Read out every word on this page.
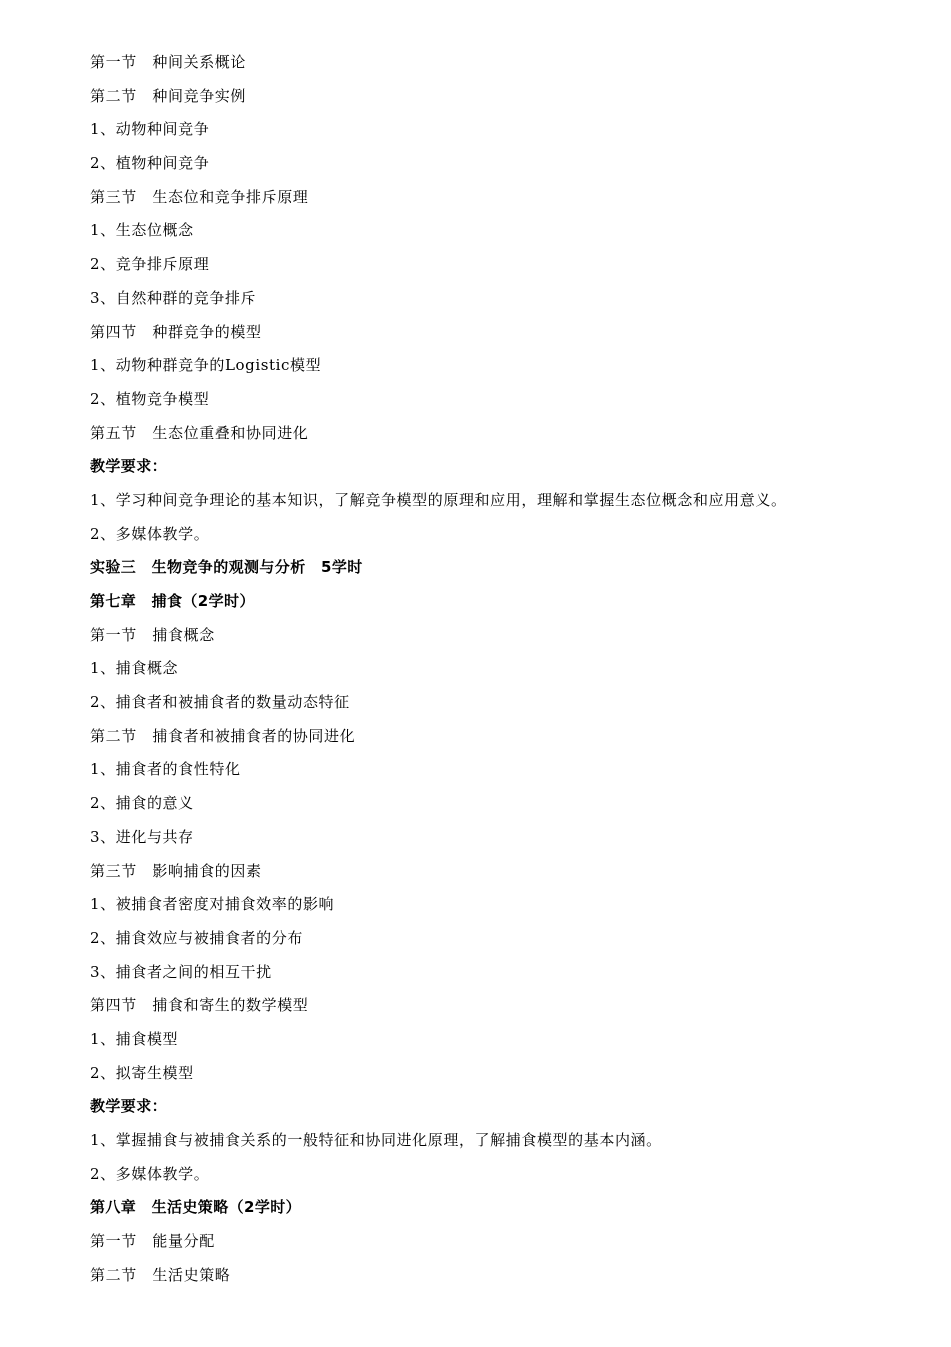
第一节　种间关系概论
第二节　种间竞争实例
1、动物种间竞争
2、植物种间竞争
第三节　生态位和竞争排斥原理
1、生态位概念
2、竞争排斥原理
3、自然种群的竞争排斥
第四节　种群竞争的模型
1、动物种群竞争的Logistic模型
2、植物竞争模型
第五节　生态位重叠和协同进化
教学要求：
1、学习种间竞争理论的基本知识，了解竞争模型的原理和应用，理解和掌握生态位概念和应用意义。
2、多媒体教学。
实验三　生物竞争的观测与分析　5学时
第七章　捕食（2学时）
第一节　捕食概念
1、捕食概念
2、捕食者和被捕食者的数量动态特征
第二节　捕食者和被捕食者的协同进化
1、捕食者的食性特化
2、捕食的意义
3、进化与共存
第三节　影响捕食的因素
1、被捕食者密度对捕食效率的影响
2、捕食效应与被捕食者的分布
3、捕食者之间的相互干扰
第四节　捕食和寄生的数学模型
1、捕食模型
2、拟寄生模型
教学要求：
1、掌握捕食与被捕食关系的一般特征和协同进化原理，了解捕食模型的基本内涵。
2、多媒体教学。
第八章　生活史策略（2学时）
第一节　能量分配
第二节　生活史策略
